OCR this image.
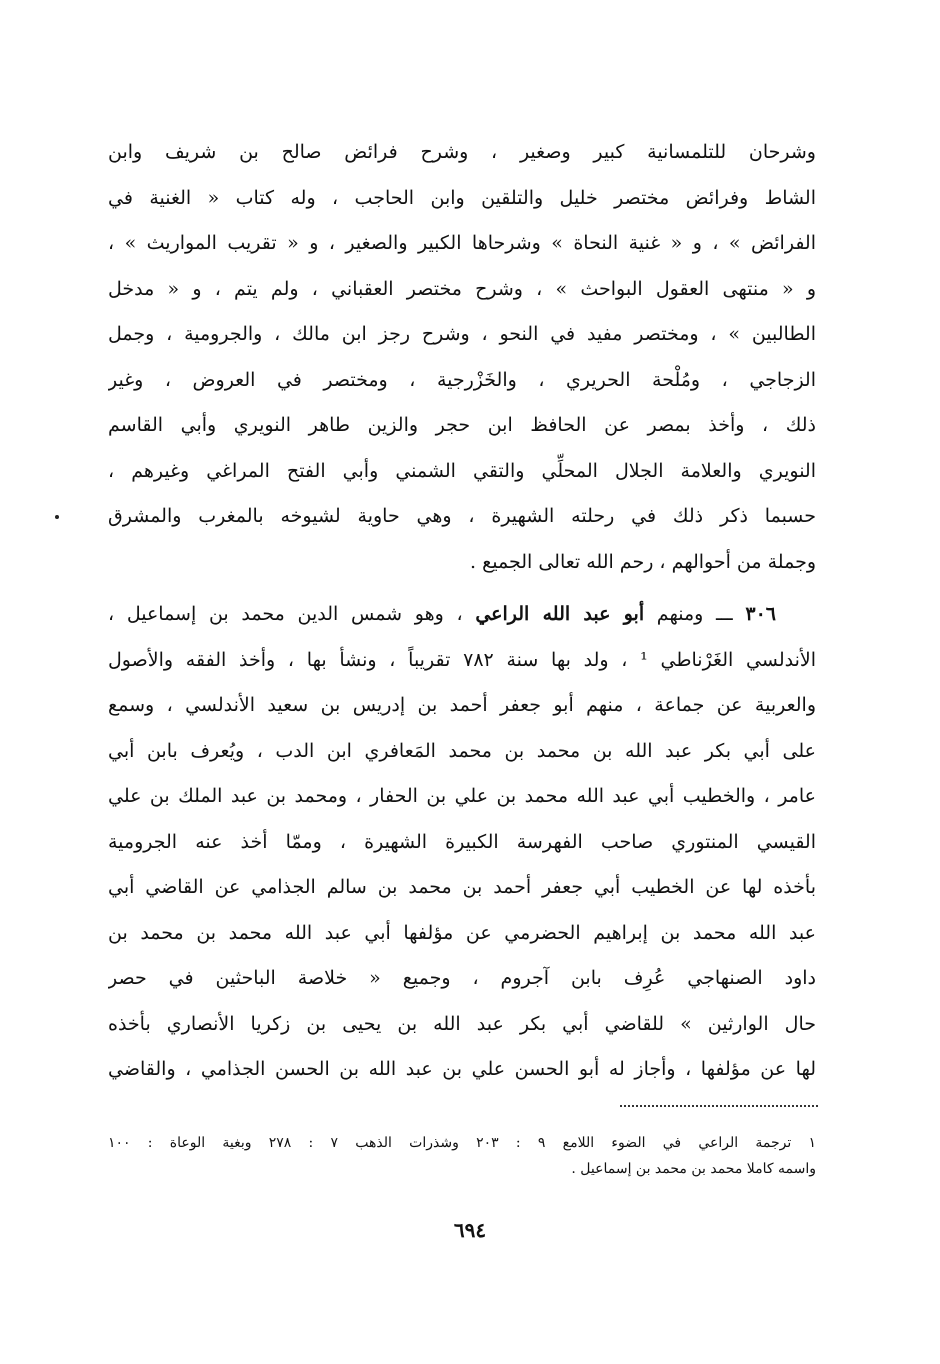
وشرحان للتلمسانية كبير وصغير ، وشرح فرائض صالح بن شريف وابن
الشاط وفرائض مختصر خليل والتلقين وابن الحاجب ، وله كتاب « الغنية في
الفرائض » ، و « غنية النحاة » وشرحاها الكبير والصغير ، و « تقريب المواريث » ،
و « منتهى العقول البواحث » ، وشرح مختصر العقباني ، ولم يتم ، و « مدخل
الطالبين » ، ومختصر مفيد في النحو ، وشرح رجز ابن مالك ، والجرومية ، وجمل
الزجاجي ، ومُلْحة الحريري ، والخَزْرجية ، ومختصر في العروض ، وغير
ذلك ، وأخذ بمصر عن الحافظ ابن حجر والزين طاهر النويري وأبي القاسم
النويري والعلامة الجلال المحلِّي والتقي الشمني وأبي الفتح المراغي وغيرهم ،
حسبما ذكر ذلك في رحلته الشهيرة ، وهي حاوية لشيوخه بالمغرب والمشرق
وجملة من أحوالهم ، رحم الله تعالى الجميع .
٣٠٦ ـــ ومنهم أبو عبد الله الراعي ، وهو شمس الدين محمد بن إسماعيل ،
الأندلسي الغَرْناطي ¹ ، ولد بها سنة ٧٨٢ تقريباً ، ونشأ بها ، وأخذ الفقه والأصول
والعربية عن جماعة ، منهم أبو جعفر أحمد بن إدريس بن سعيد الأندلسي ، وسمع
على أبي بكر عبد الله بن محمد بن محمد المَعافري ابن الدب ، ويُعرف بابن أبي
عامر ، والخطيب أبي عبد الله محمد بن علي بن الحفار ، ومحمد بن عبد الملك بن علي
القيسي المنتوري صاحب الفهرسة الكبيرة الشهيرة ، وممّا أخذ عنه الجرومية
بأخذه لها عن الخطيب أبي جعفر أحمد بن محمد بن سالم الجذامي عن القاضي أبي
عبد الله محمد بن إبراهيم الحضرمي عن مؤلفها أبي عبد الله محمد بن محمد بن
داود الصنهاجي عُرِف بابن آجروم ، وجميع « خلاصة الباحثين في حصر
حال الوارثين » للقاضي أبي بكر عبد الله بن يحيى بن زكريا الأنصاري بأخذه
لها عن مؤلفها ، وأجاز له أبو الحسن علي بن عبد الله بن الحسن الجذامي ، والقاضي
١ ترجمة الراعي في الضوء اللامع ٩ : ٢٠٣ وشذرات الذهب ٧ : ٢٧٨ وبغية الوعاة : ١٠٠
واسمه كاملا محمد بن محمد بن إسماعيل .
٦٩٤
